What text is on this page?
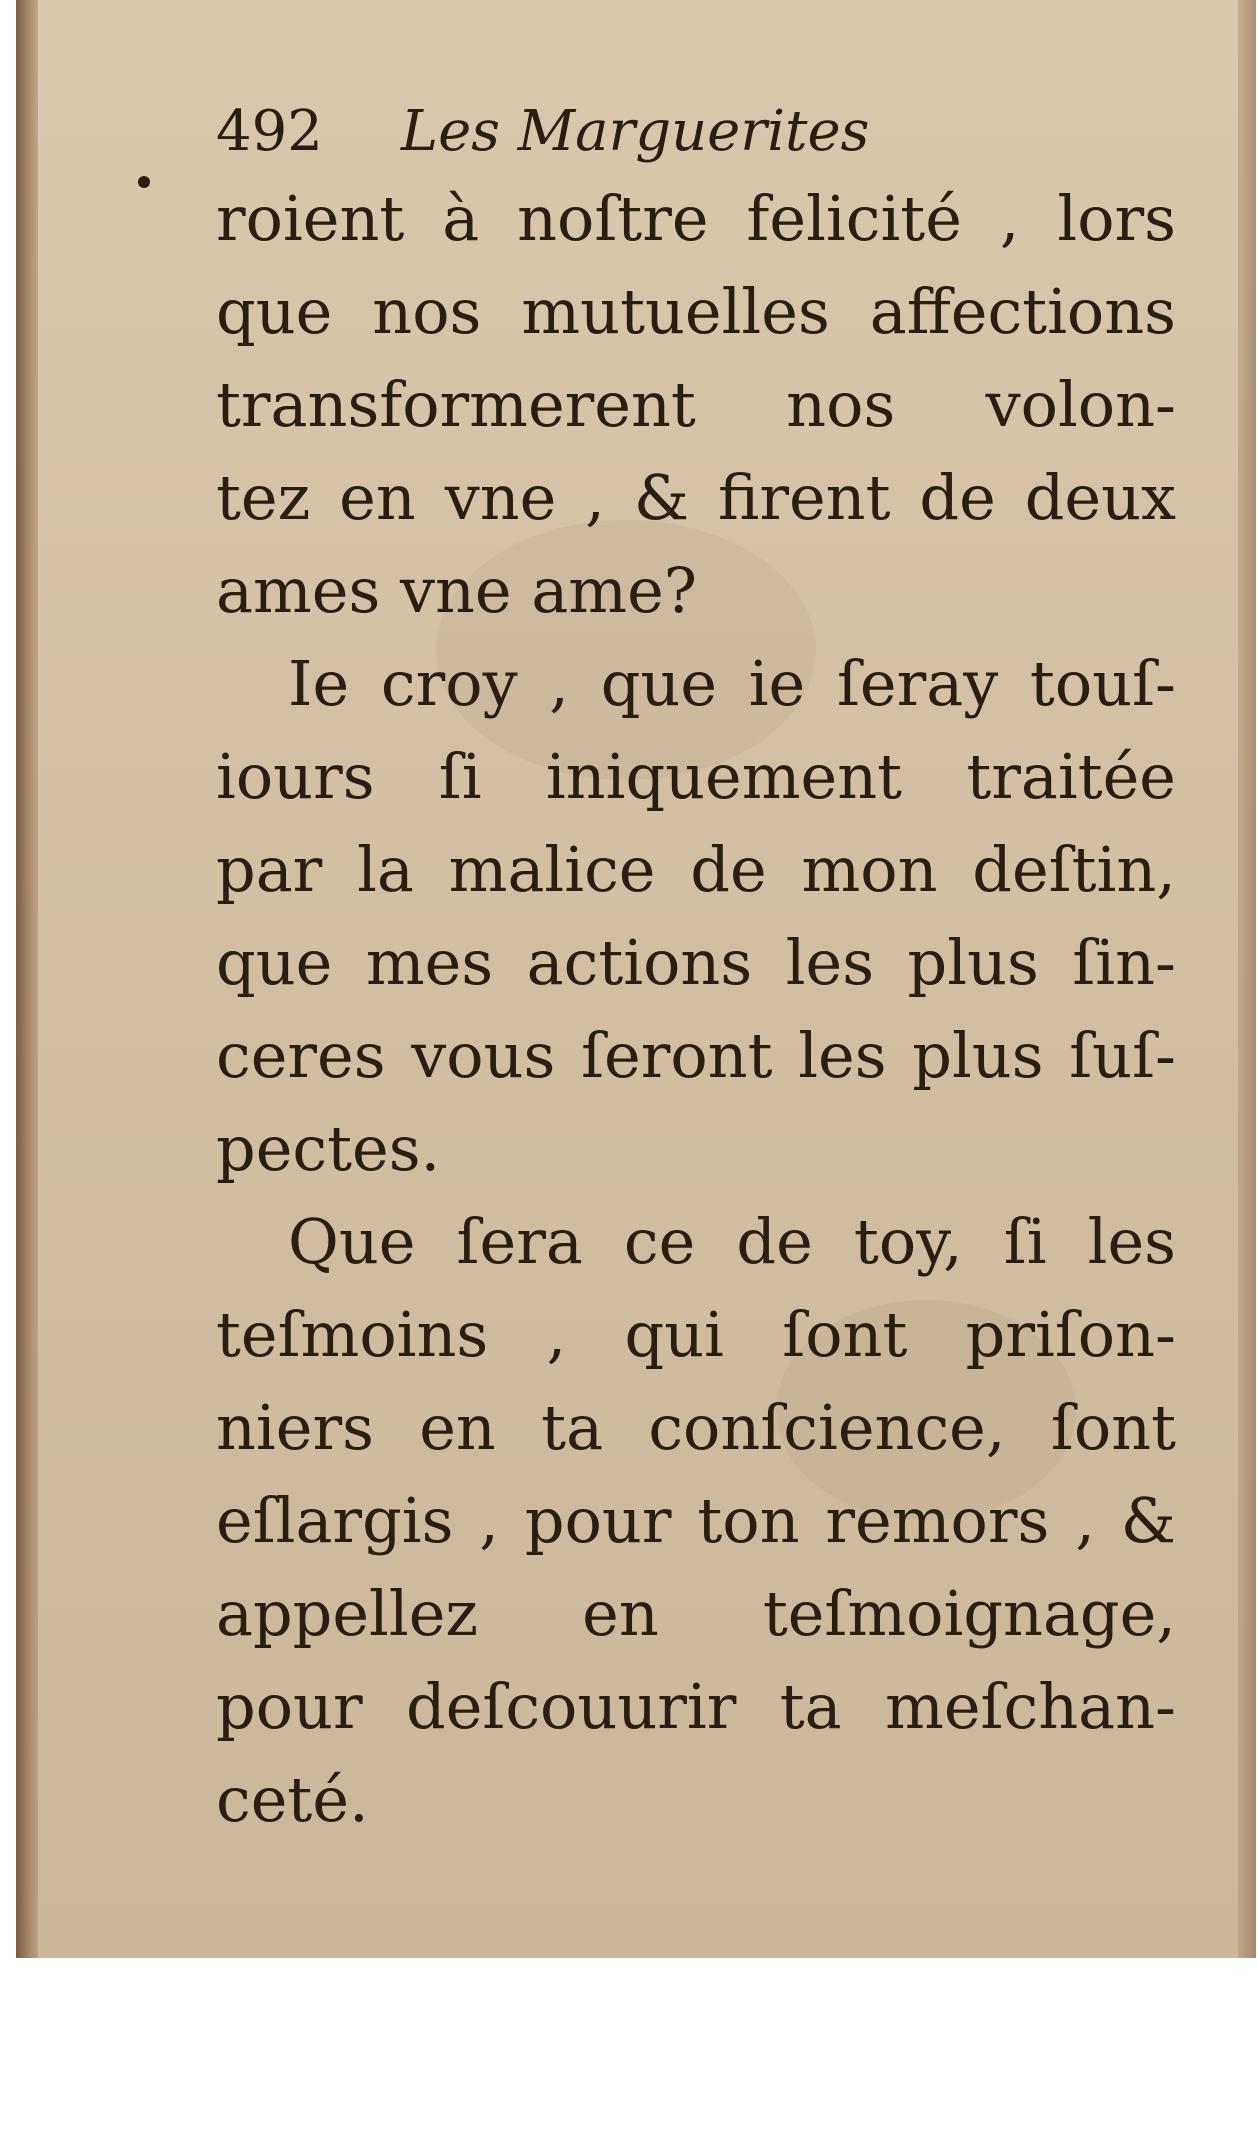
492 Les Marguerites
roient à noſtre felicité , lors
que nos mutuelles affections
transformerent nos volon-
tez en vne , & firent de deux
ames vne ame?
Ie croy , que ie ſeray touſ-
iours ſi iniquement traitée
par la malice de mon deſtin,
que mes actions les plus ſin-
ceres vous ſeront les plus ſuſ-
pectes.
Que ſera ce de toy, ſi les
teſmoins , qui ſont priſon-
niers en ta conſcience, ſont
eſlargis , pour ton remors , &
appellez en teſmoignage,
pour deſcouurir ta meſchan-
ceté.
